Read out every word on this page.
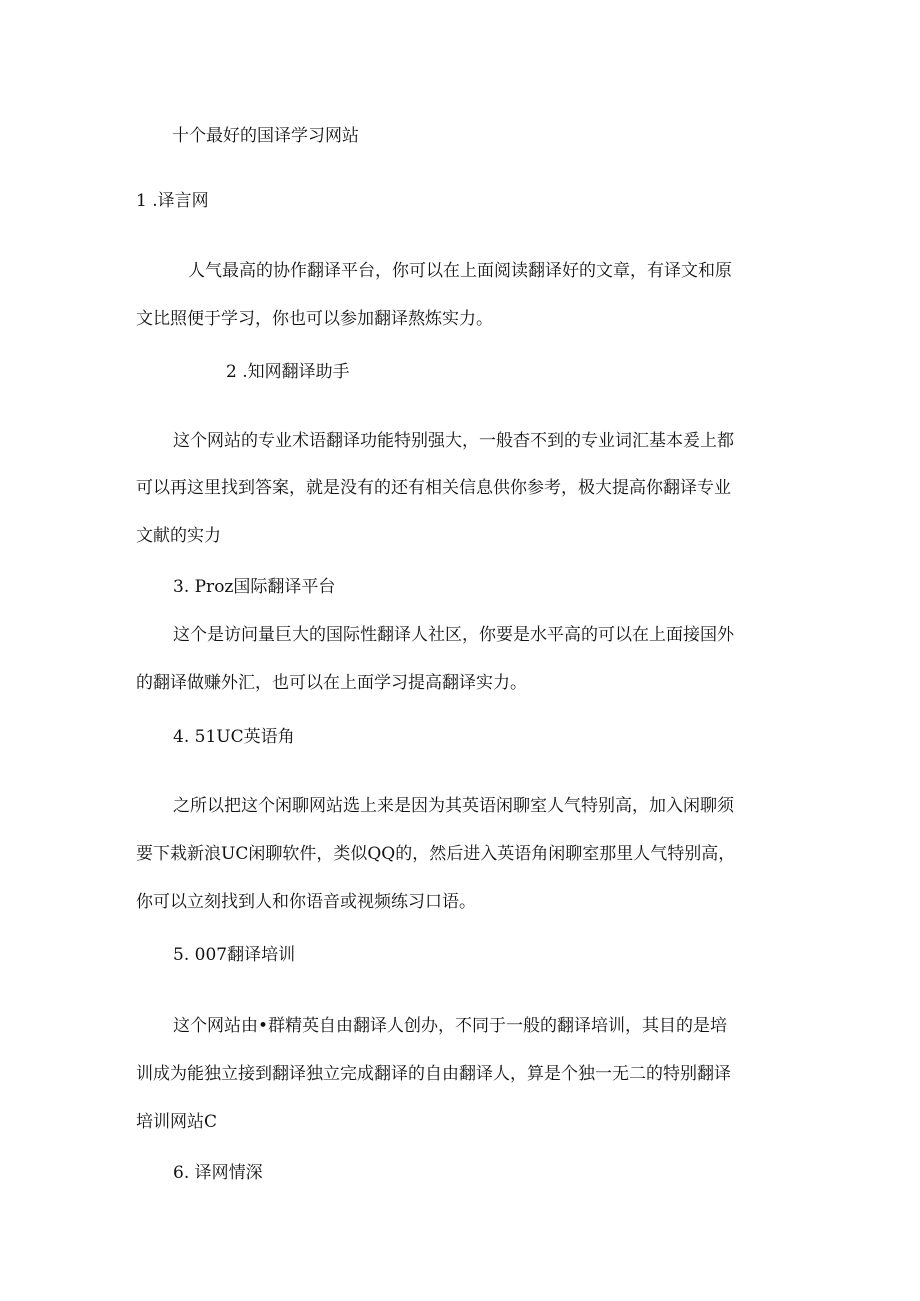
十个最好的国译学习网站
1 .译言网
人气最高的协作翻译平台，你可以在上面阅读翻译好的文章，有译文和原
文比照便于学习，你也可以参加翻译熬炼实力。
2 .知网翻译助手
这个网站的专业术语翻译功能特别强大，一般杳不到的专业词汇基本爰上都
可以再这里找到答案，就是没有的还有相关信息供你参考，极大提高你翻译专业
文献的实力
3. Proz国际翻译平台
这个是访问量巨大的国际性翻译人社区，你要是水平高的可以在上面接国外
的翻译做赚外汇，也可以在上面学习提高翻译实力。
4. 51UC英语角
之所以把这个闲聊网站选上来是因为其英语闲聊室人气特别高，加入闲聊须
要下栽新浪UC闲聊软件，类似QQ的，然后进入英语角闲聊室那里人气特别高，
你可以立刻找到人和你语音或视频练习口语。
5. 007翻译培训
这个网站由•群精英自由翻译人创办，不同于一般的翻译培训，其目的是培
训成为能独立接到翻译独立完成翻译的自由翻译人，算是个独一无二的特别翻译
培训网站C
6. 译网情深
